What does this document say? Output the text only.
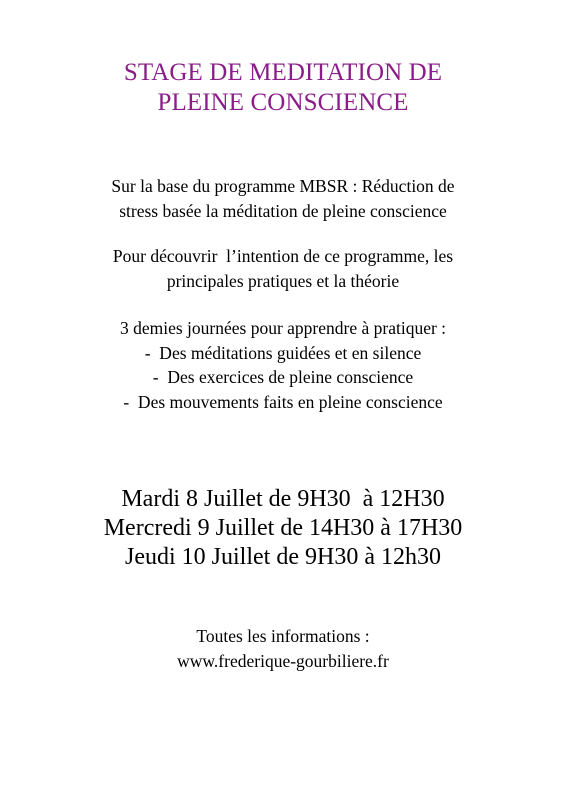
STAGE DE MEDITATION DE
PLEINE CONSCIENCE
Sur la base du programme MBSR : Réduction de
stress basée la méditation de pleine conscience
Pour découvrir  l’intention de ce programme, les
principales pratiques et la théorie
3 demies journées pour apprendre à pratiquer :
-  Des méditations guidées et en silence
-  Des exercices de pleine conscience
-  Des mouvements faits en pleine conscience
Mardi 8 Juillet de 9H30  à 12H30
Mercredi 9 Juillet de 14H30 à 17H30
Jeudi 10 Juillet de 9H30 à 12h30
Toutes les informations :
www.frederique-gourbiliere.fr
